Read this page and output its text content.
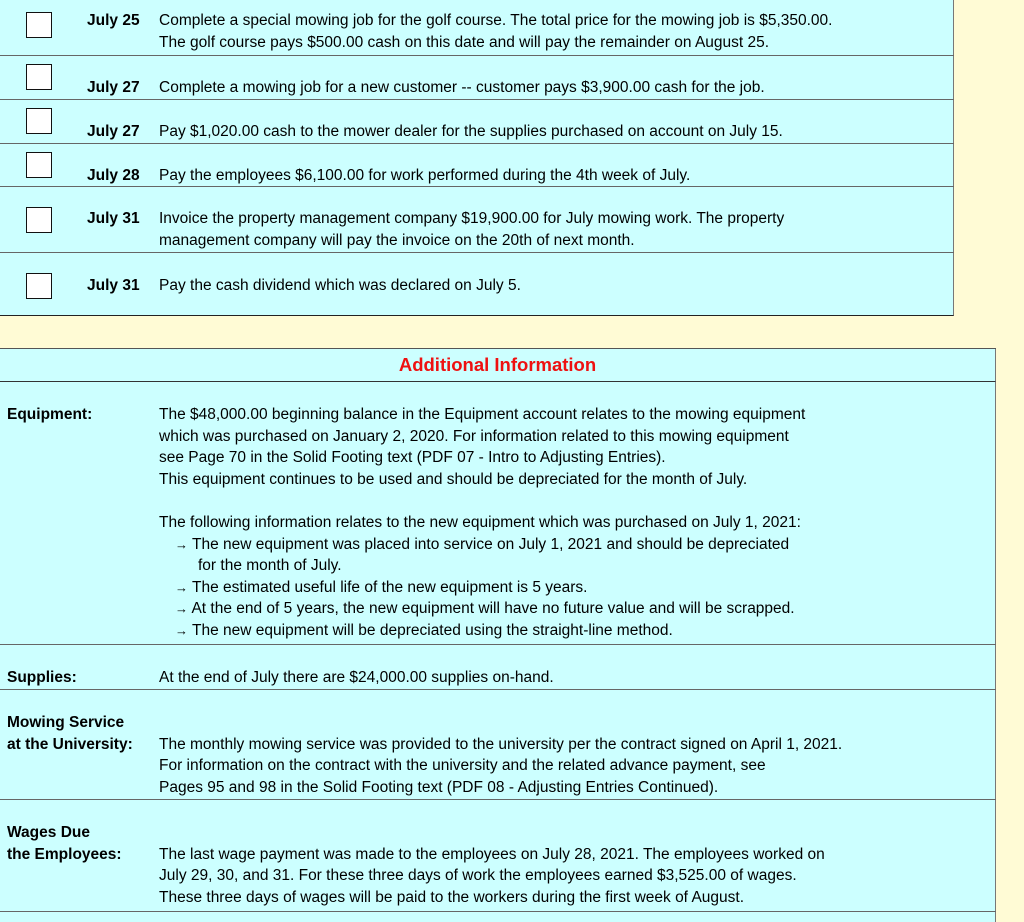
July 25 Complete a special mowing job for the golf course. The total price for the mowing job is $5,350.00.
The golf course pays $500.00 cash on this date and will pay the remainder on August 25.
July 27 Complete a mowing job for a new customer -- customer pays $3,900.00 cash for the job.
July 27 Pay $1,020.00 cash to the mower dealer for the supplies purchased on account on July 15.
July 28 Pay the employees $6,100.00 for work performed during the 4th week of July.
July 31 Invoice the property management company $19,900.00 for July mowing work. The property
management company will pay the invoice on the 20th of next month.
July 31 Pay the cash dividend which was declared on July 5.
Additional Information
Equipment:	The $48,000.00 beginning balance in the Equipment account relates to the mowing equipment
which was purchased on January 2, 2020. For information related to this mowing equipment
see Page 70 in the Solid Footing text (PDF 07 - Intro to Adjusting Entries).
This equipment continues to be used and should be depreciated for the month of July.
The following information relates to the new equipment which was purchased on July 1, 2021:
→ The new equipment was placed into service on July 1, 2021 and should be depreciated
for the month of July.
→ The estimated useful life of the new equipment is 5 years.
→ At the end of 5 years, the new equipment will have no future value and will be scrapped.
→ The new equipment will be depreciated using the straight-line method.
Supplies:	At the end of July there are $24,000.00 supplies on-hand.
Mowing Service
at the University: The monthly mowing service was provided to the university per the contract signed on April 1, 2021.
For information on the contract with the university and the related advance payment, see
Pages 95 and 98 in the Solid Footing text (PDF 08 - Adjusting Entries Continued).
Wages Due
the Employees: The last wage payment was made to the employees on July 28, 2021. The employees worked on
July 29, 30, and 31. For these three days of work the employees earned $3,525.00 of wages.
These three days of wages will be paid to the workers during the first week of August.
